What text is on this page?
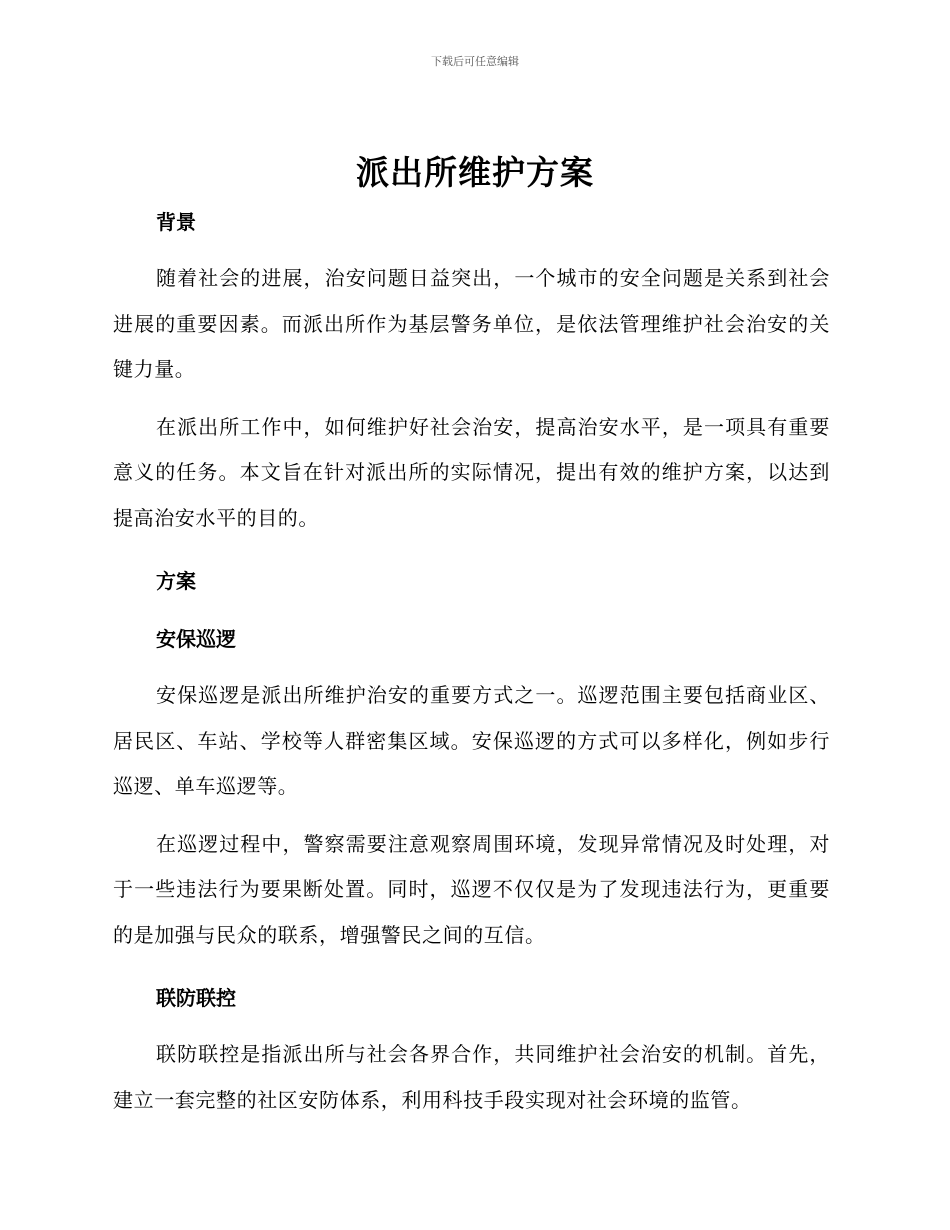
下载后可任意编辑
派出所维护方案
背景

随着社会的进展，治安问题日益突出，一个城市的安全问题是关系到社会进展的重要因素。而派出所作为基层警务单位，是依法管理维护社会治安的关键力量。

在派出所工作中，如何维护好社会治安，提高治安水平，是一项具有重要意义的任务。本文旨在针对派出所的实际情况，提出有效的维护方案，以达到提高治安水平的目的。

方案
安保巡逻

安保巡逻是派出所维护治安的重要方式之一。巡逻范围主要包括商业区、居民区、车站、学校等人群密集区域。安保巡逻的方式可以多样化，例如步行巡逻、单车巡逻等。

在巡逻过程中，警察需要注意观察周围环境，发现异常情况及时处理，对于一些违法行为要果断处置。同时，巡逻不仅仅是为了发现违法行为，更重要的是加强与民众的联系，增强警民之间的互信。

联防联控

联防联控是指派出所与社会各界合作，共同维护社会治安的机制。首先，建立一套完整的社区安防体系，利用科技手段实现对社会环境的监管。
